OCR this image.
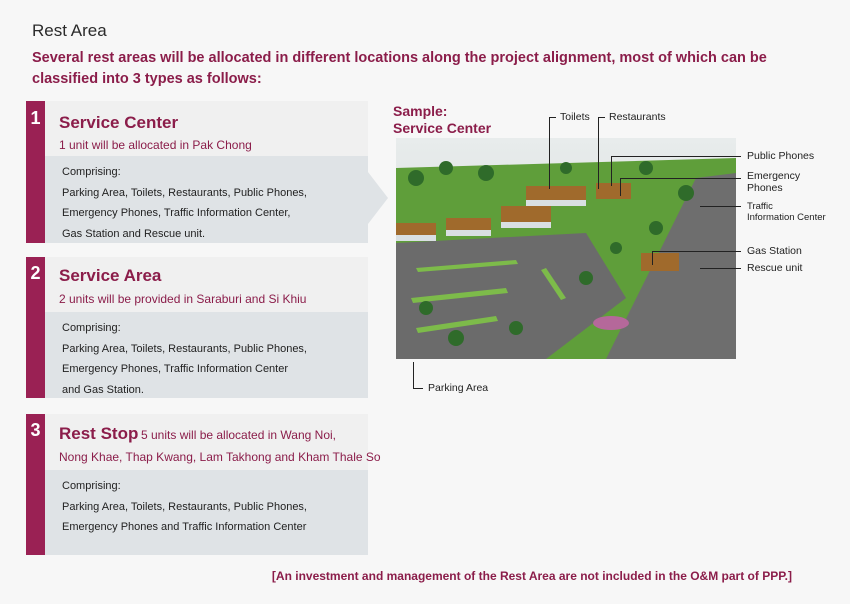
Rest Area
Several rest areas will be allocated in different locations along the project alignment, most of which can be
classified into 3 types as follows:
1 Service Center
1 unit will be allocated in Pak Chong
Comprising:
Parking Area, Toilets, Restaurants, Public Phones,
Emergency Phones, Traffic Information Center,
Gas Station and Rescue unit.
2 Service Area
2 units will be provided in Saraburi and Si Khiu
Comprising:
Parking Area, Toilets, Restaurants, Public Phones,
Emergency Phones, Traffic Information Center
and Gas Station.
3 Rest Stop 5 units will be allocated in Wang Noi,
Nong Khae, Thap Kwang, Lam Takhong and Kham Thale So
Comprising:
Parking Area, Toilets, Restaurants, Public Phones,
Emergency Phones and Traffic Information Center
Sample:
Service Center
Toilets Restaurants
Public Phones
Emergency
Phones
Traffic
Information Center
Gas Station
Rescue unit
Parking Area
[An investment and management of the Rest Area are not included in the O&M part of PPP.]
